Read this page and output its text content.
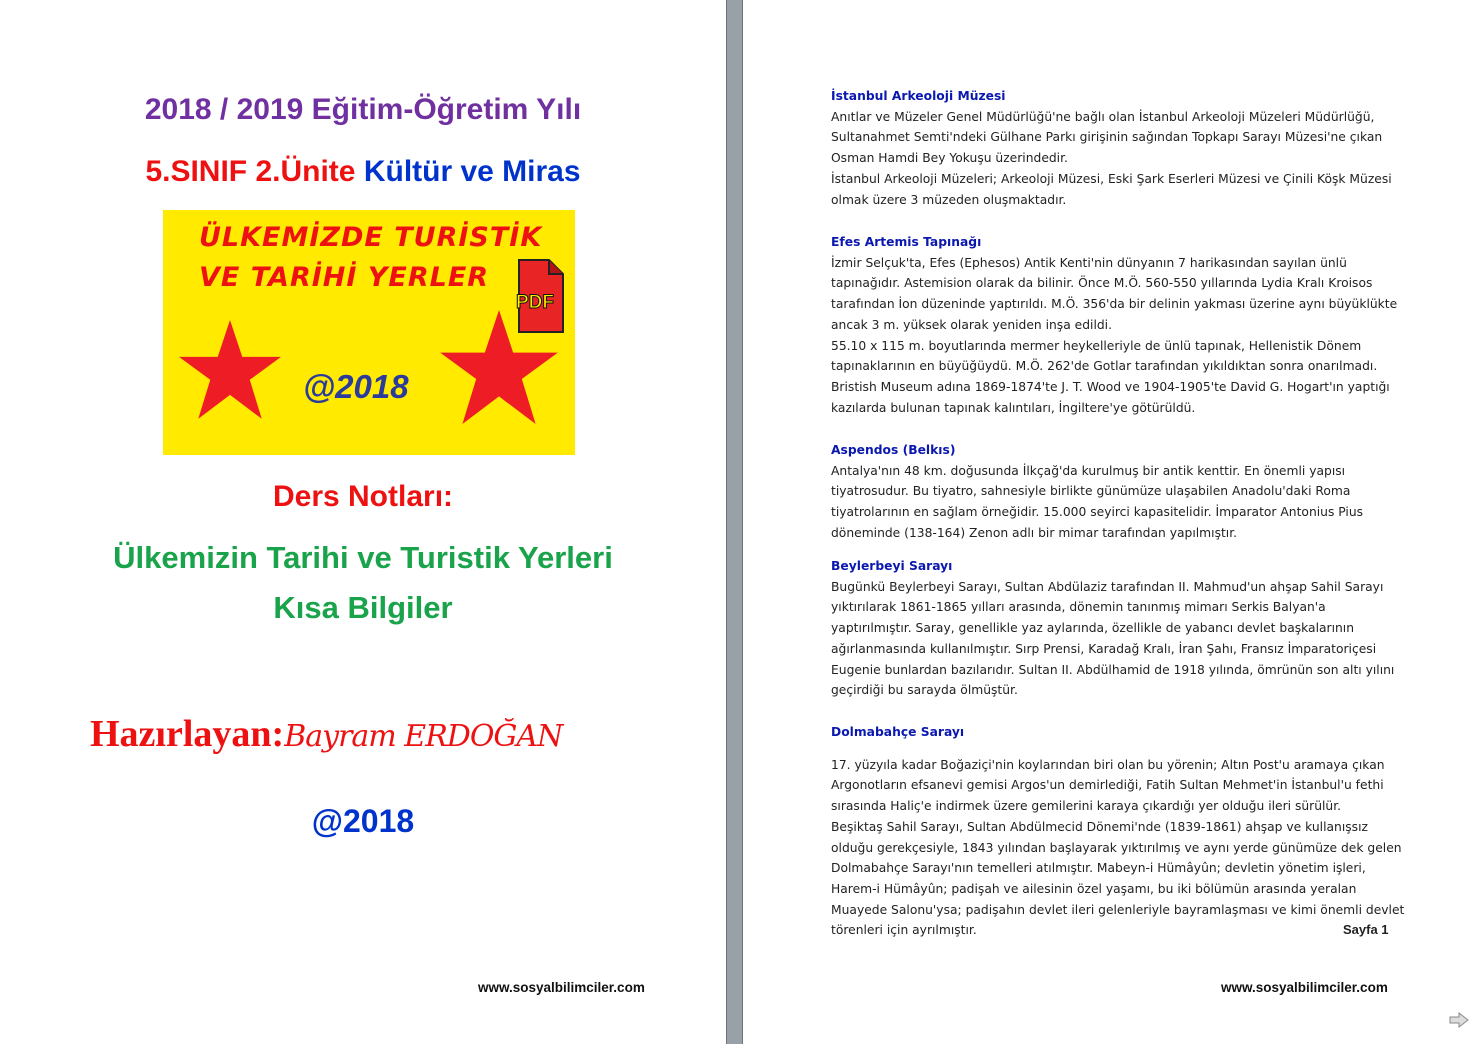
2018 / 2019 Eğitim-Öğretim Yılı
5.SINIF 2.Ünite Kültür ve Miras
ÜLKEMİZDE TURİSTİK
VE TARİHİ YERLER
PDF
@2018
Ders Notları:
Ülkemizin Tarihi ve Turistik Yerleri
Kısa Bilgiler
Hazırlayan:Bayram ERDOĞAN
@2018
www.sosyalbilimciler.com
İstanbul Arkeoloji Müzesi

Anıtlar ve Müzeler Genel Müdürlüğü'ne bağlı olan İstanbul Arkeoloji Müzeleri Müdürlüğü, Sultanahmet Semti'ndeki Gülhane Parkı girişinin sağından Topkapı Sarayı Müzesi'ne çıkan Osman Hamdi Bey Yokuşu üzerindedir.

İstanbul Arkeoloji Müzeleri; Arkeoloji Müzesi, Eski Şark Eserleri Müzesi ve Çinili Köşk Müzesi olmak üzere 3 müzeden oluşmaktadır.

Efes Artemis Tapınağı

İzmir Selçuk'ta, Efes (Ephesos) Antik Kenti'nin dünyanın 7 harikasından sayılan ünlü tapınağıdır. Astemision olarak da bilinir. Önce M.Ö. 560-550 yıllarında Lydia Kralı Kroisos tarafından İon düzeninde yaptırıldı. M.Ö. 356'da bir delinin yakması üzerine aynı büyüklükte ancak 3 m. yüksek olarak yeniden inşa edildi.

55.10 x 115 m. boyutlarında mermer heykelleriyle de ünlü tapınak, Hellenistik Dönem tapınaklarının en büyüğüydü. M.Ö. 262'de Gotlar tarafından yıkıldıktan sonra onarılmadı. Bristish Museum adına 1869-1874'te J. T. Wood ve 1904-1905'te David G. Hogart'ın yaptığı kazılarda bulunan tapınak kalıntıları, İngiltere'ye götürüldü.

Aspendos (Belkıs)

Antalya'nın 48 km. doğusunda İlkçağ'da kurulmuş bir antik kenttir. En önemli yapısı tiyatrosudur. Bu tiyatro, sahnesiyle birlikte günümüze ulaşabilen Anadolu'daki Roma tiyatrolarının en sağlam örneğidir. 15.000 seyirci kapasitelidir. İmparator Antonius Pius döneminde (138-164) Zenon adlı bir mimar tarafından yapılmıştır.

Beylerbeyi Sarayı

Bugünkü Beylerbeyi Sarayı, Sultan Abdülaziz tarafından II. Mahmud'un ahşap Sahil Sarayı yıktırılarak 1861-1865 yılları arasında, dönemin tanınmış mimarı Serkis Balyan'a yaptırılmıştır. Saray, genellikle yaz aylarında, özellikle de yabancı devlet başkalarının ağırlanmasında kullanılmıştır. Sırp Prensi, Karadağ Kralı, İran Şahı, Fransız İmparatoriçesi Eugenie bunlardan bazılarıdır. Sultan II. Abdülhamid de 1918 yılında, ömrünün son altı yılını geçirdiği bu sarayda ölmüştür.

Dolmabahçe Sarayı

17. yüzyıla kadar Boğaziçi'nin koylarından biri olan bu yörenin; Altın Post'u aramaya çıkan Argonotların efsanevi gemisi Argos'un demirlediği, Fatih Sultan Mehmet'in İstanbul'u fethi sırasında Haliç'e indirmek üzere gemilerini karaya çıkardığı yer olduğu ileri sürülür.

Beşiktaş Sahil Sarayı, Sultan Abdülmecid Dönemi'nde (1839-1861) ahşap ve kullanışsız olduğu gerekçesiyle, 1843 yılından başlayarak yıktırılmış ve aynı yerde günümüze dek gelen Dolmabahçe Sarayı'nın temelleri atılmıştır. Mabeyn-i Hümâyûn; devletin yönetim işleri, Harem-i Hümâyûn; padişah ve ailesinin özel yaşamı, bu iki bölümün arasında yeralan Muayede Salonu'ysa; padişahın devlet ileri gelenleriyle bayramlaşması ve kimi önemli devlet törenleri için ayrılmıştır.	Sayfa 1
www.sosyalbilimciler.com
